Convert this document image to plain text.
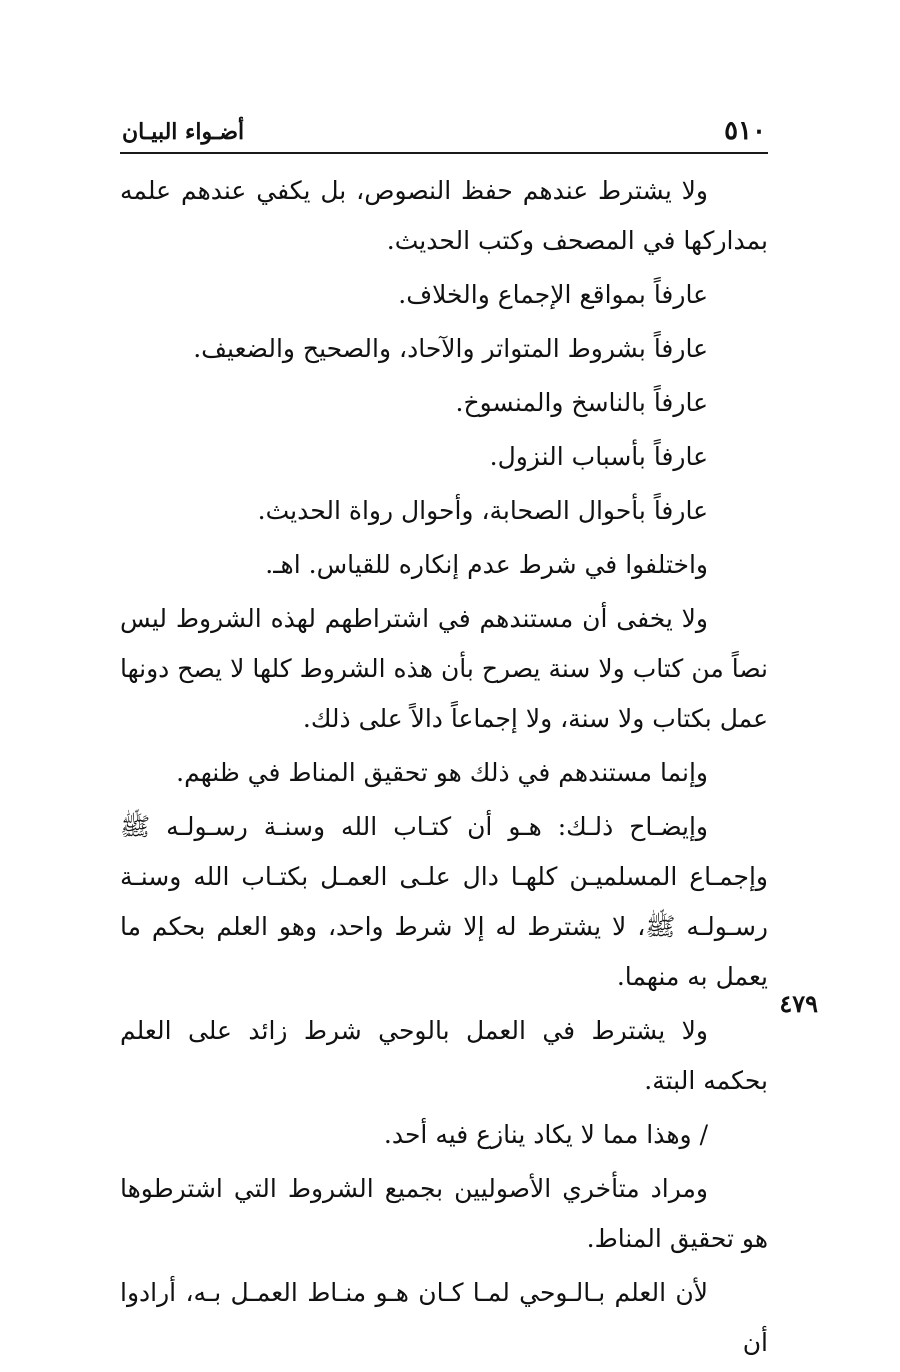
٥١٠
أضـواء البيـان

ولا يشترط عندهم حفظ النصوص، بل يكفي عندهم علمه بمداركها في المصحف وكتب الحديث.

عارفاً بمواقع الإجماع والخلاف.

عارفاً بشروط المتواتر والآحاد، والصحيح والضعيف.

عارفاً بالناسخ والمنسوخ.

عارفاً بأسباب النزول.

عارفاً بأحوال الصحابة، وأحوال رواة الحديث.

واختلفوا في شرط عدم إنكاره للقياس. اهـ.

ولا يخفى أن مستندهم في اشتراطهم لهذه الشروط ليس نصاً من كتاب ولا سنة يصرح بأن هذه الشروط كلها لا يصح دونها عمل بكتاب ولا سنة، ولا إجماعاً دالاً على ذلك.

وإنما مستندهم في ذلك هو تحقيق المناط في ظنهم.

وإيضـاح ذلـك: هـو أن كتـاب الله وسنـة رسـولـه ﷺ وإجمـاع المسلميـن كلهـا دال علـى العمـل بكتـاب الله وسنـة رسـولـه ﷺ، لا يشترط له إلا شرط واحد، وهو العلم بحكم ما يعمل به منهما.

ولا يشترط في العمل بالوحي شرط زائد على العلم بحكمه البتة.

/ وهذا مما لا يكاد ينازع فيه أحد.

ومراد متأخري الأصوليين بجميع الشروط التي اشترطوها هو تحقيق المناط.

لأن العلم بـالـوحي لمـا كـان هـو منـاط العمـل بـه، أرادوا أن

٤٧٩
